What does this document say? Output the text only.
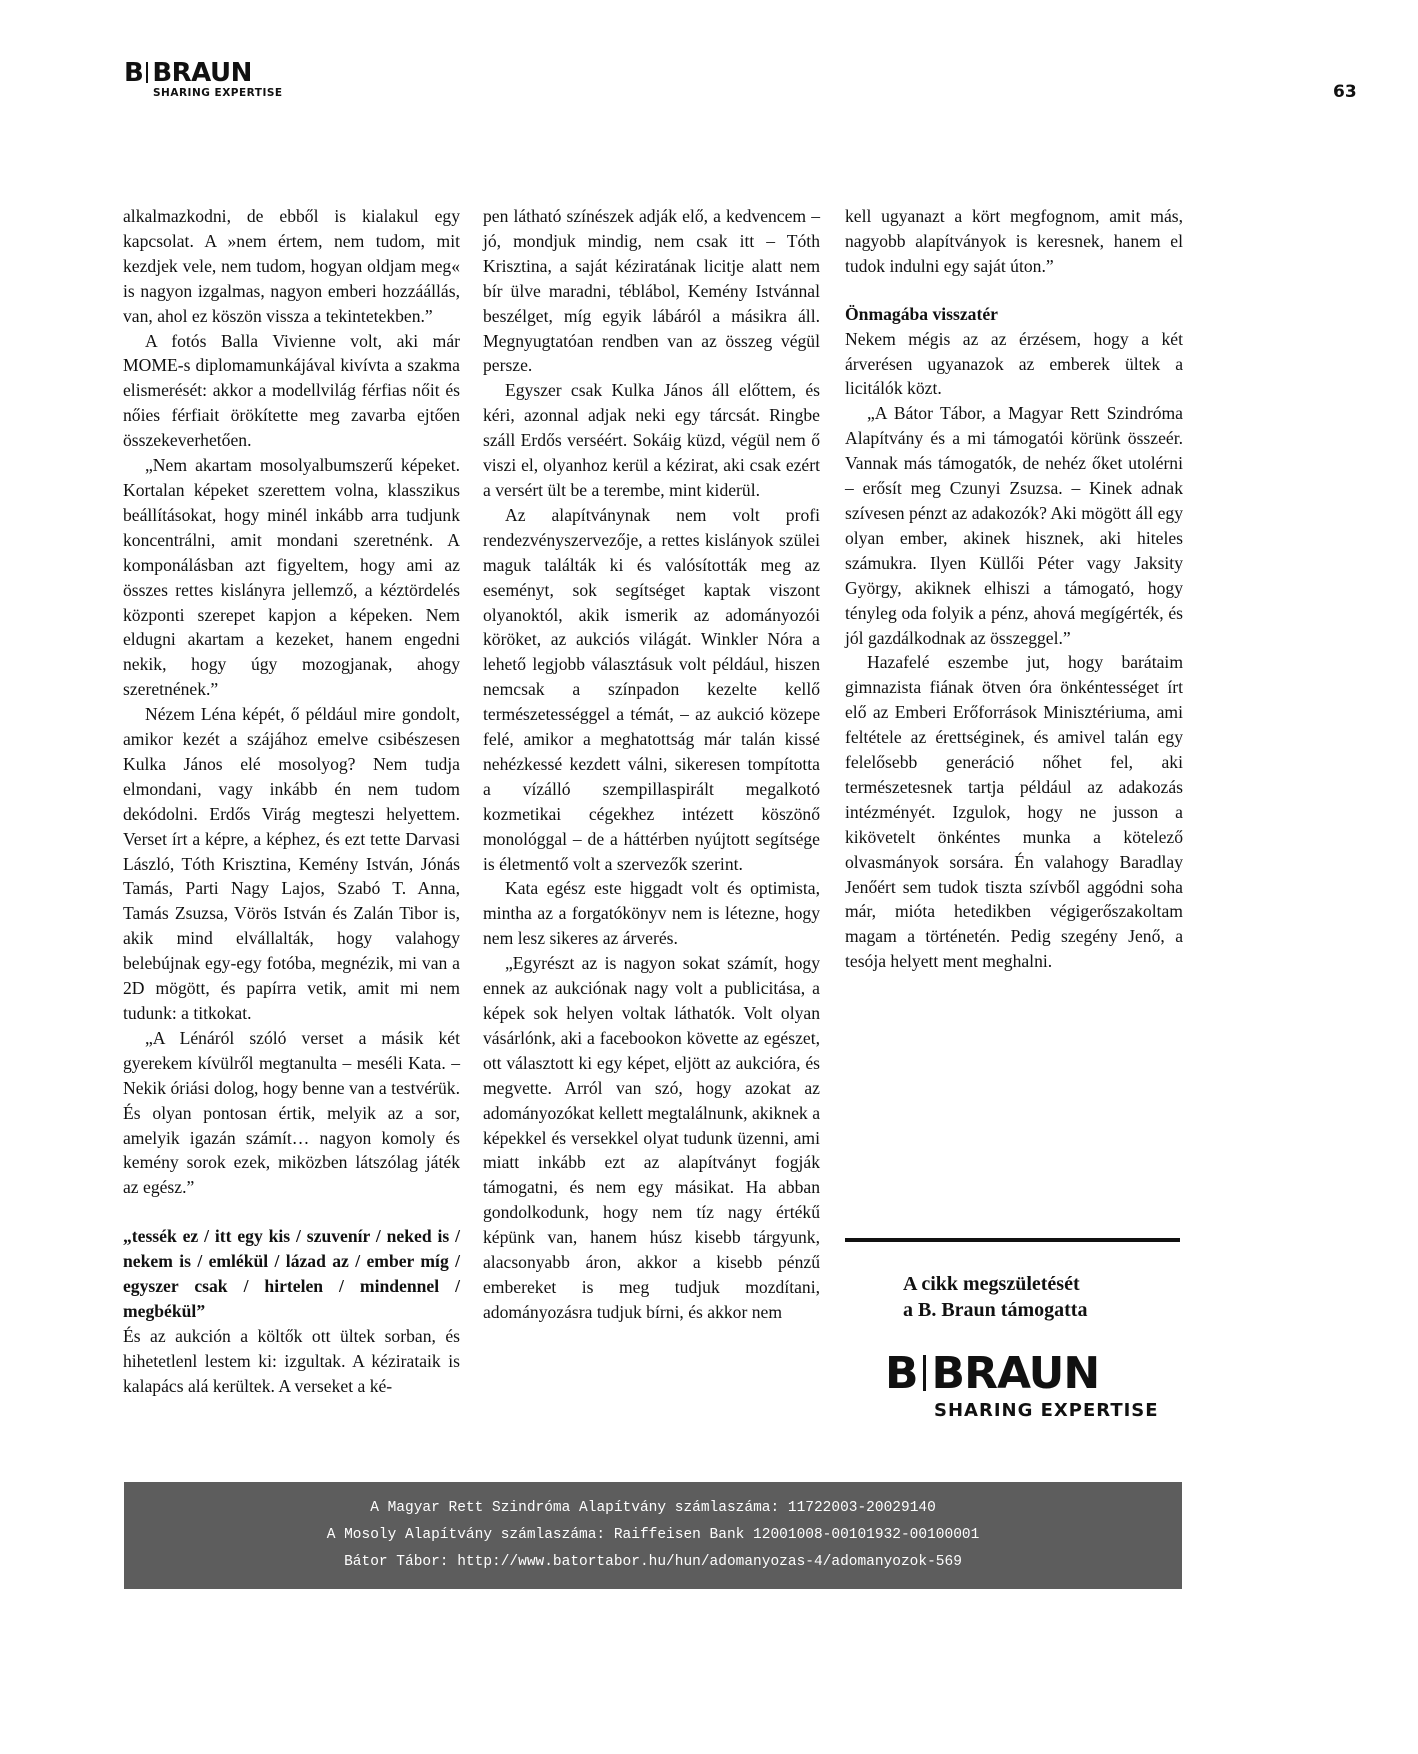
B BRAUN
SHARING EXPERTISE	63

alkalmazkodni, de ebből is kialakul egy kapcsolat. A »nem értem, nem tudom, mit kezdjek vele, nem tudom, hogyan oldjam meg« is nagyon izgalmas, nagyon emberi hozzáállás, van, ahol ez köszön vissza a tekintetekben.”

A fotós Balla Vivienne volt, aki már MOME-s diplomamunkájával kivívta a szakma elismerését: akkor a modellvilág férfias nőit és nőies férfiait örökítette meg zavarba ejtően összekeverhetően.

„Nem akartam mosolyalbumszerű képeket. Kortalan képeket szerettem volna, klasszikus beállításokat, hogy minél inkább arra tudjunk koncentrálni, amit mondani szeretnénk. A komponálásban azt figyeltem, hogy ami az összes rettes kislányra jellemző, a kéztördelés központi szerepet kapjon a képeken. Nem eldugni akartam a kezeket, hanem engedni nekik, hogy úgy mozogjanak, ahogy szeretnének.”

Nézem Léna képét, ő például mire gondolt, amikor kezét a szájához emelve csibészesen Kulka János elé mosolyog? Nem tudja elmondani, vagy inkább én nem tudom dekódolni. Erdős Virág megteszi helyettem. Verset írt a képre, a képhez, és ezt tette Darvasi László, Tóth Krisztina, Kemény István, Jónás Tamás, Parti Nagy Lajos, Szabó T. Anna, Tamás Zsuzsa, Vörös István és Zalán Tibor is, akik mind elvállalták, hogy valahogy belebújnak egy-egy fotóba, megnézik, mi van a 2D mögött, és papírra vetik, amit mi nem tudunk: a titkokat.

„A Lénáról szóló verset a másik két gyerekem kívülről megtanulta – meséli Kata. – Nekik óriási dolog, hogy benne van a testvérük. És olyan pontosan értik, melyik az a sor, amelyik igazán számít… nagyon komoly és kemény sorok ezek, miközben látszólag játék az egész.”

„tessék ez / itt egy kis / szuvenír / neked is / nekem is / emlékül / lázad az / ember míg / egyszer csak / hirtelen / mindennel / megbékül”

És az aukción a költők ott ültek sorban, és hihetetlenl lestem ki: izgultak. A kézirataik is kalapács alá kerültek. A verseket a ké-

pen látható színészek adják elő, a kedvencem – jó, mondjuk mindig, nem csak itt – Tóth Krisztina, a saját kéziratának licitje alatt nem bír ülve maradni, téblábol, Kemény Istvánnal beszélget, míg egyik lábáról a másikra áll. Megnyugtatóan rendben van az összeg végül persze.

Egyszer csak Kulka János áll előttem, és kéri, azonnal adjak neki egy tárcsát. Ringbe száll Erdős verséért. Sokáig küzd, végül nem ő viszi el, olyanhoz kerül a kézirat, aki csak ezért a versért ült be a terembe, mint kiderül.

Az alapítványnak nem volt profi rendezvényszervezője, a rettes kislányok szülei maguk találták ki és valósították meg az eseményt, sok segítséget kaptak viszont olyanoktól, akik ismerik az adományozói köröket, az aukciós világát. Winkler Nóra a lehető legjobb választásuk volt például, hiszen nemcsak a színpadon kezelte kellő természetességgel a témát, – az aukció közepe felé, amikor a meghatottság már talán kissé nehézkessé kezdett válni, sikeresen tompította a vízálló szempillaspirált megalkotó kozmetikai cégekhez intézett köszönő monológgal – de a háttérben nyújtott segítsége is életmentő volt a szervezők szerint.

Kata egész este higgadt volt és optimista, mintha az a forgatókönyv nem is létezne, hogy nem lesz sikeres az árverés.

„Egyrészt az is nagyon sokat számít, hogy ennek az aukciónak nagy volt a publicitása, a képek sok helyen voltak láthatók. Volt olyan vásárlónk, aki a facebookon követte az egészet, ott választott ki egy képet, eljött az aukcióra, és megvette. Arról van szó, hogy azokat az adományozókat kellett megtalálnunk, akiknek a képekkel és versekkel olyat tudunk üzenni, ami miatt inkább ezt az alapítványt fogják támogatni, és nem egy másikat. Ha abban gondolkodunk, hogy nem tíz nagy értékű képünk van, hanem húsz kisebb tárgyunk, alacsonyabb áron, akkor a kisebb pénzű embereket is meg tudjuk mozdítani, adományozásra tudjuk bírni, és akkor nem

kell ugyanazt a kört megfognom, amit más, nagyobb alapítványok is keresnek, hanem el tudok indulni egy saját úton.”

Önmagába visszatér

Nekem mégis az az érzésem, hogy a két árverésen ugyanazok az emberek ültek a licitálók közt.

„A Bátor Tábor, a Magyar Rett Szindróma Alapítvány és a mi támogatói körünk összeér. Vannak más támogatók, de nehéz őket utolérni – erősít meg Czunyi Zsuzsa. – Kinek adnak szívesen pénzt az adakozók? Aki mögött áll egy olyan ember, akinek hisznek, aki hiteles számukra. Ilyen Küllői Péter vagy Jaksity György, akiknek elhiszi a támogató, hogy tényleg oda folyik a pénz, ahová megígérték, és jól gazdálkodnak az összeggel.”

Hazafelé eszembe jut, hogy barátaim gimnazista fiának ötven óra önkéntességet írt elő az Emberi Erőforrások Minisztériuma, ami feltétele az érettséginek, és amivel talán egy felelősebb generáció nőhet fel, aki természetesnek tartja például az adakozás intézményét. Izgulok, hogy ne jusson a kikövetelt önkéntes munka a kötelező olvasmányok sorsára. Én valahogy Baradlay Jenőért sem tudok tiszta szívből aggódni soha már, mióta hetedikben végigerőszakoltam magam a történetén. Pedig szegény Jenő, a tesója helyett ment meghalni.

A cikk megszületését
a B. Braun támogatta
B BRAUN
SHARING EXPERTISE
A Magyar Rett Szindróma Alapítvány számlaszáma: 11722003-20029140
A Mosoly Alapítvány számlaszáma: Raiffeisen Bank 12001008-00101932-00100001
Bátor Tábor: http://www.batortabor.hu/hun/adomanyozas-4/adomanyozok-569
